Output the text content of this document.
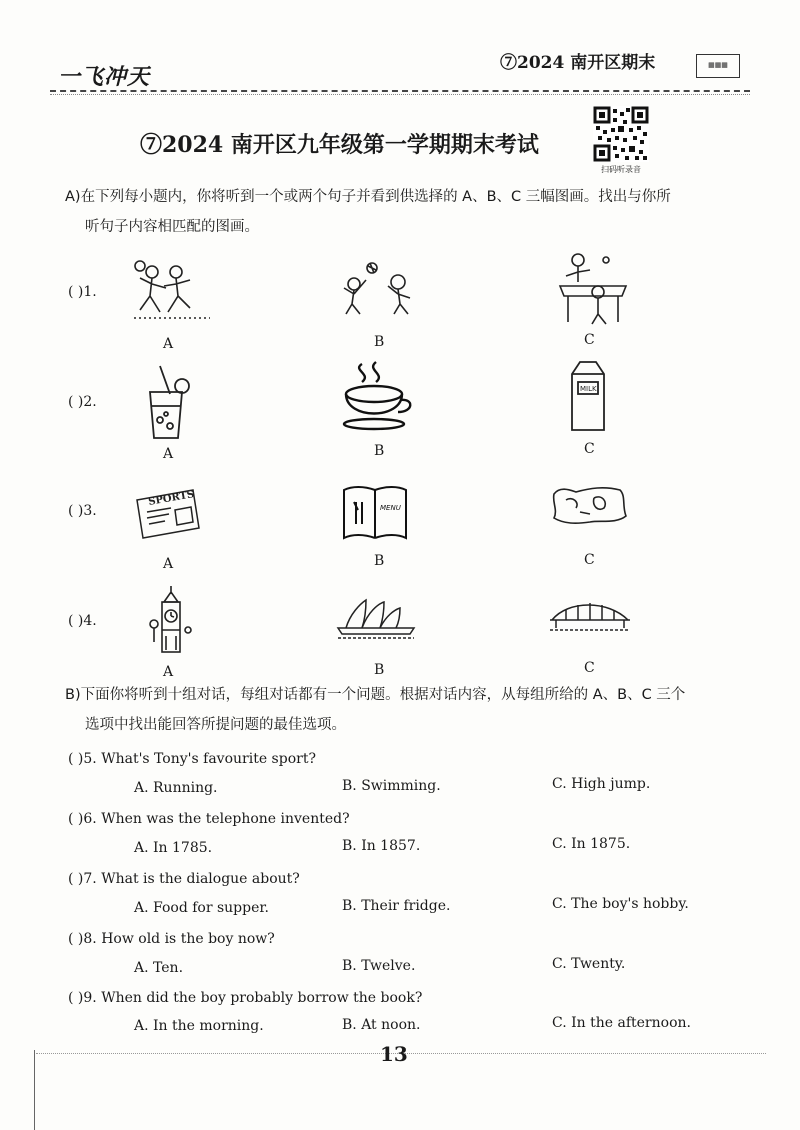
一飞冲天
⑦2024 南开区期末	▦▦▦
⑦2024 南开区九年级第一学期期末考试
扫码听录音
A)在下列每小题内，你将听到一个或两个句子并看到供选择的 A、B、C 三幅图画。找出与你所
听句子内容相匹配的图画。
( )1.
A	B	C
( )2.
MILK
A	B	C
( )3.
SPORTS
MENU
A	B	C
( )4.
A	B	C
B)下面你将听到十组对话，每组对话都有一个问题。根据对话内容，从每组所给的 A、B、C 三个
选项中找出能回答所提问题的最佳选项。
( )5. What's Tony's favourite sport?
A. Running.	B. Swimming.	C. High jump.
( )6. When was the telephone invented?
A. In 1785.	B. In 1857.	C. In 1875.
( )7. What is the dialogue about?
A. Food for supper.	B. Their fridge.	C. The boy's hobby.
( )8. How old is the boy now?
A. Ten.	B. Twelve.	C. Twenty.
( )9. When did the boy probably borrow the book?
A. In the morning.	B. At noon.	C. In the afternoon.
13
